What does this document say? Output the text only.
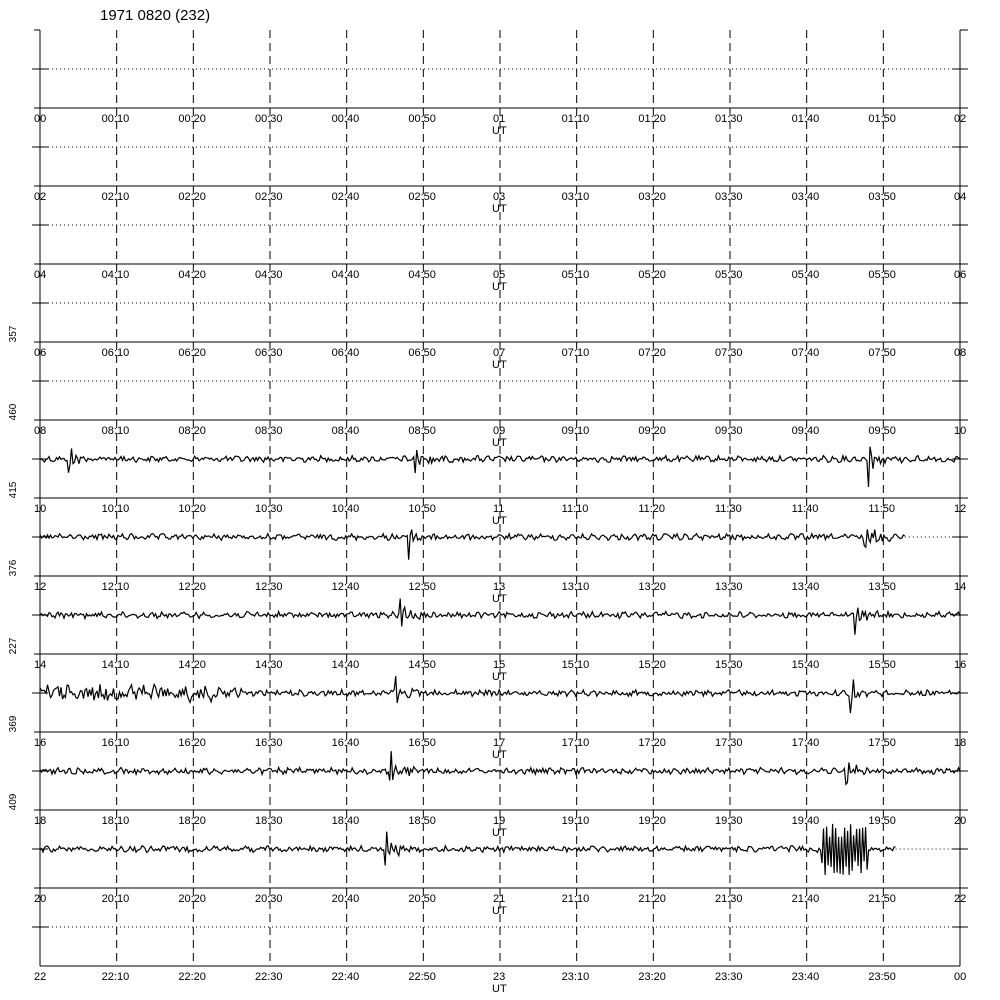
1971 0820 (232)
00	02
00:10	00:20	00:30	00:40	00:50	01	01:10	01:20	01:30	01:40	01:50
UT
02	04
02:10	02:20	02:30	02:40	02:50	03	03:10	03:20	03:30	03:40	03:50
UT
04	06
04:10	04:20	04:30	04:40	04:50	05	05:10	05:20	05:30	05:40	05:50
UT
06	08
06:10	06:20	06:30	06:40	06:50	07	07:10	07:20	07:30	07:40	07:50
UT
357
08	10
08:10	08:20	08:30	08:40	08:50	09	09:10	09:20	09:30	09:40	09:50
UT
460
10	12
10:10	10:20	10:30	10:40	10:50	11	11:10	11:20	11:30	11:40	11:50
UT
415
12	14
12:10	12:20	12:30	12:40	12:50	13	13:10	13:20	13:30	13:40	13:50
UT
376
14	16
14:10	14:20	14:30	14:40	14:50	15	15:10	15:20	15:30	15:40	15:50
UT
227
16	18
16:10	16:20	16:30	16:40	16:50	17	17:10	17:20	17:30	17:40	17:50
UT
369
18	20
18:10	18:20	18:30	18:40	18:50	19	19:10	19:20	19:30	19:40	19:50
UT
409
20	22
20:10	20:20	20:30	20:40	20:50	21	21:10	21:20	21:30	21:40	21:50
UT
22	00
22:10	22:20	22:30	22:40	22:50	23	23:10	23:20	23:30	23:40	23:50
UT
